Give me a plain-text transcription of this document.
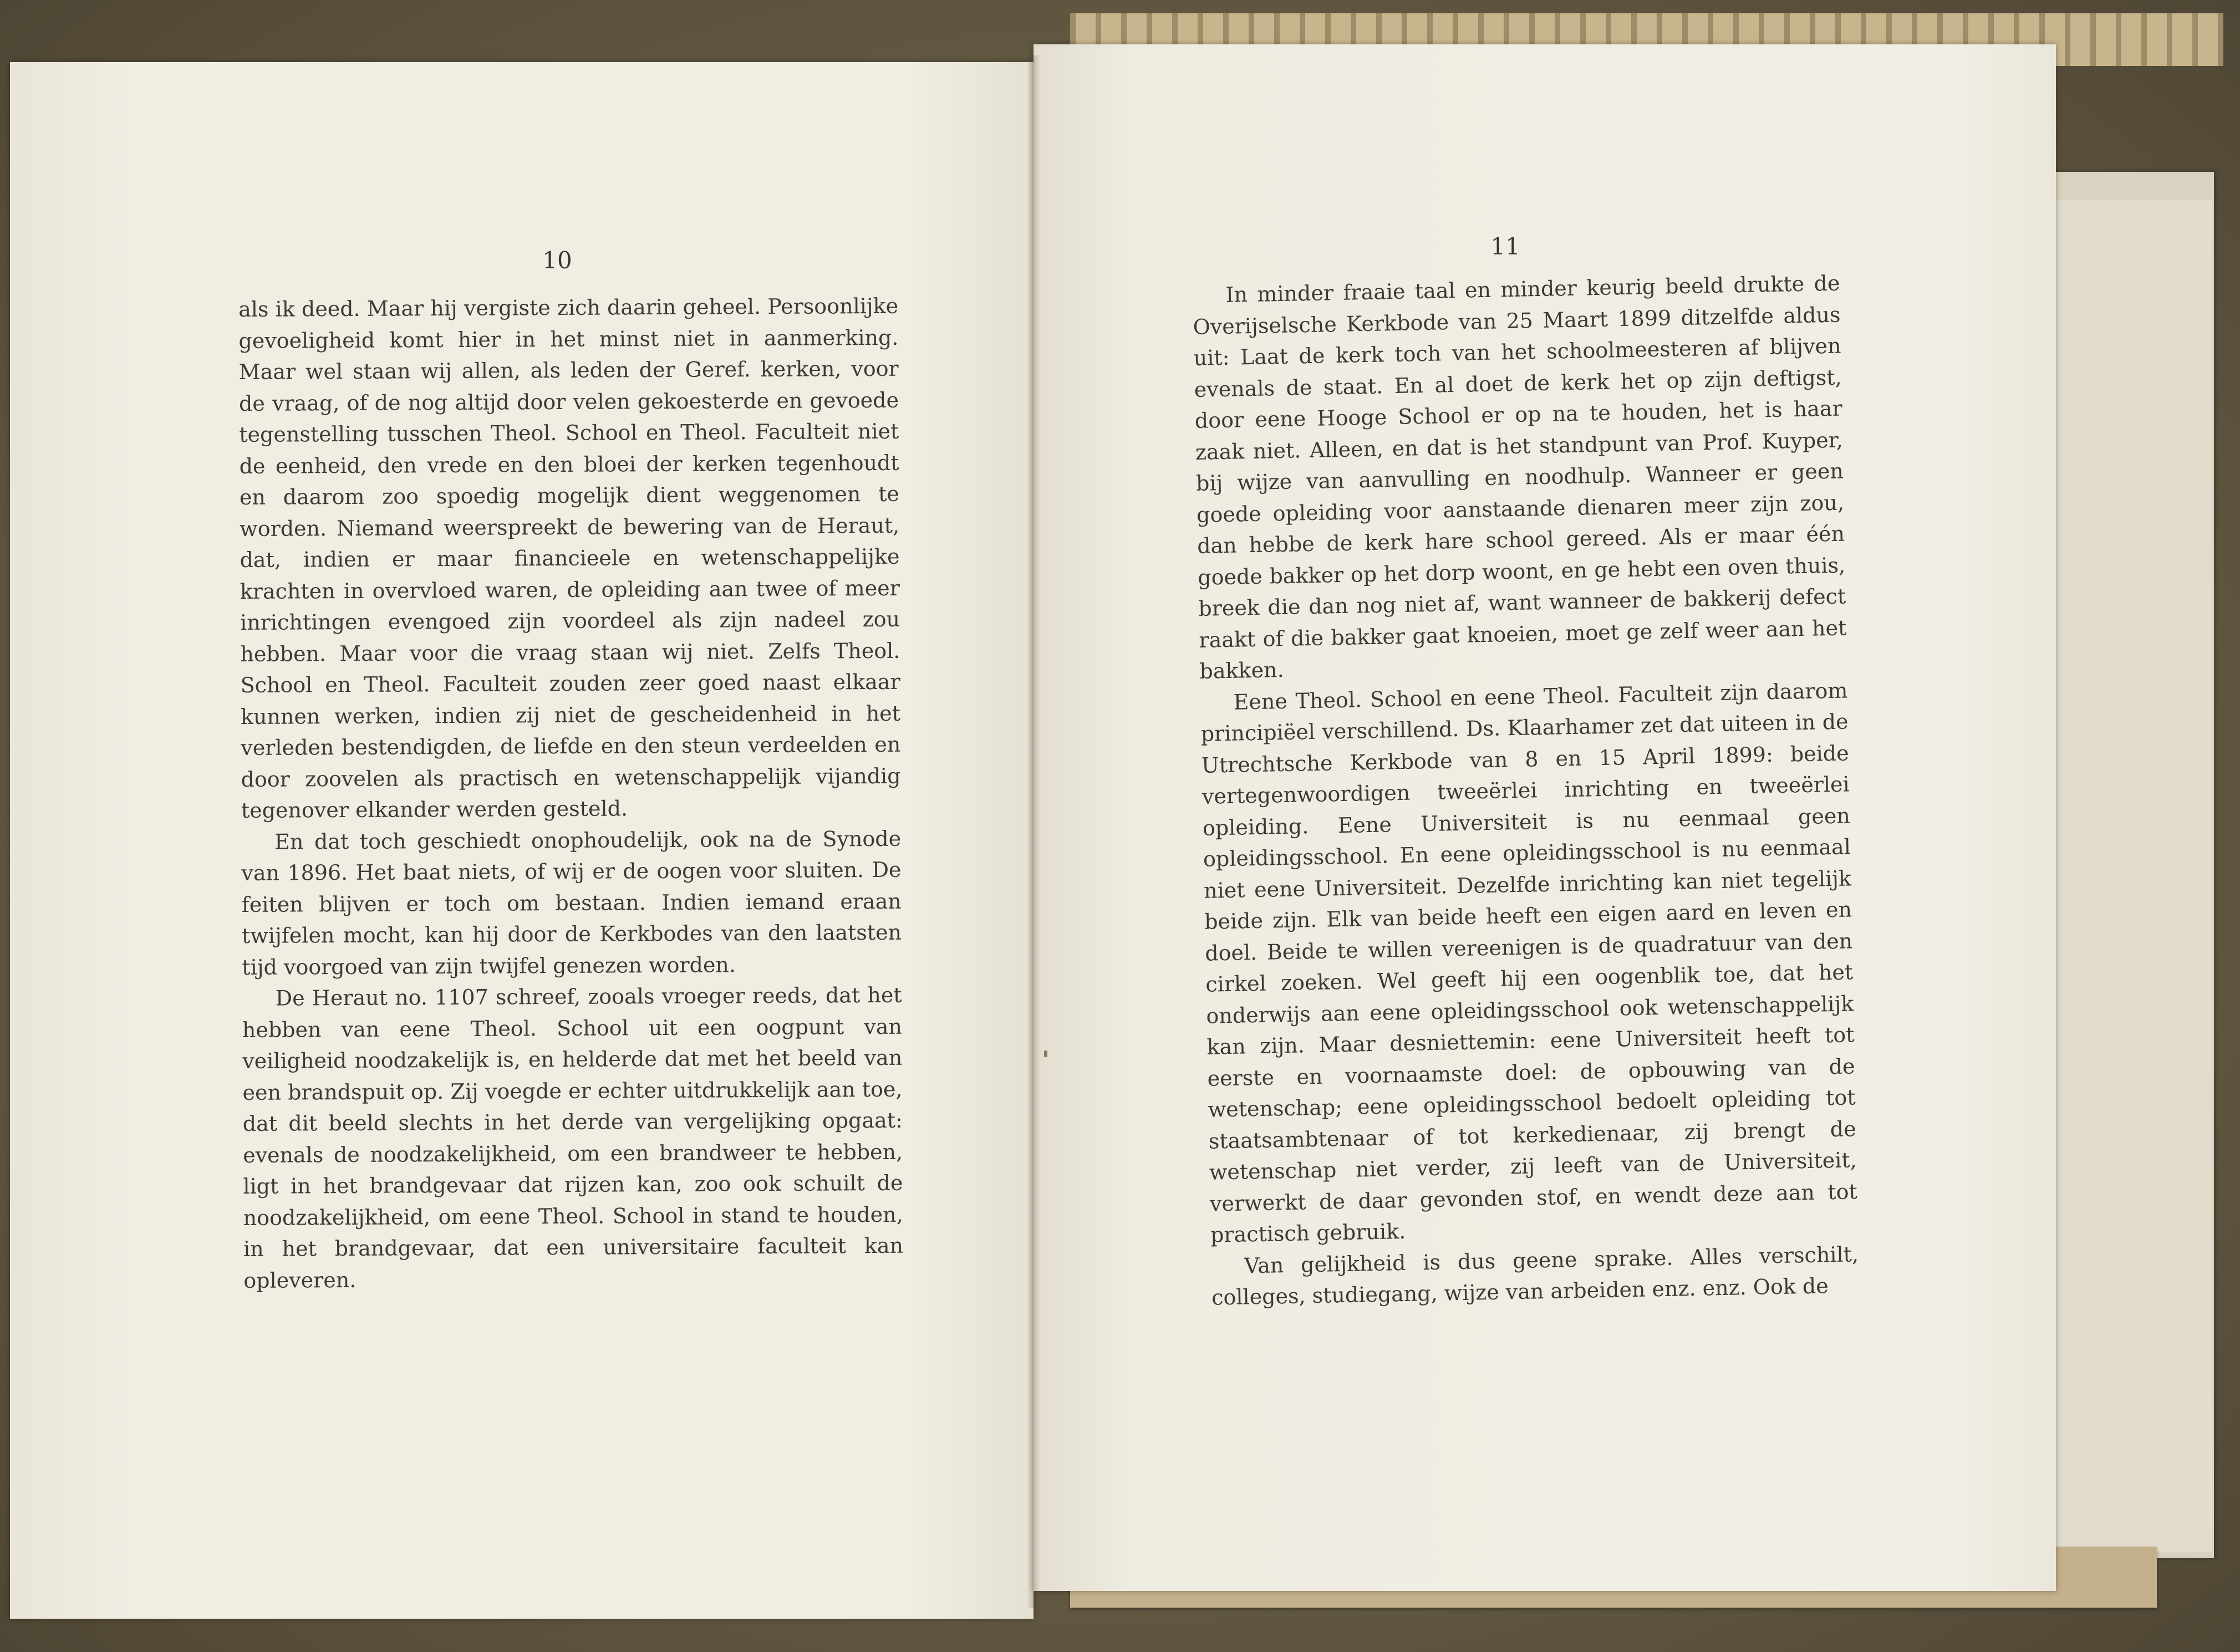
10
11

als ik deed. Maar hij vergiste zich daarin geheel. Persoonlijke gevoeligheid komt hier in het minst niet in aanmerking. Maar wel staan wij allen, als leden der Geref. kerken, voor de vraag, of de nog altijd door velen gekoesterde en gevoede tegenstelling tusschen Theol. School en Theol. Faculteit niet de eenheid, den vrede en den bloei der kerken tegenhoudt en daarom zoo spoedig mogelijk dient weggenomen te worden. Niemand weerspreekt de bewering van de Heraut, dat, indien er maar financieele en wetenschappelijke krachten in overvloed waren, de opleiding aan twee of meer inrichtingen evengoed zijn voordeel als zijn nadeel zou hebben. Maar voor die vraag staan wij niet. Zelfs Theol. School en Theol. Faculteit zouden zeer goed naast elkaar kunnen werken, indien zij niet de gescheidenheid in het verleden bestendigden, de liefde en den steun verdeelden en door zoovelen als practisch en wetenschappelijk vijandig tegenover elkander werden gesteld.

En dat toch geschiedt onophoudelijk, ook na de Synode van 1896. Het baat niets, of wij er de oogen voor sluiten. De feiten blijven er toch om bestaan. Indien iemand eraan twijfelen mocht, kan hij door de Kerkbodes van den laatsten tijd voorgoed van zijn twijfel genezen worden.

De Heraut no. 1107 schreef, zooals vroeger reeds, dat het hebben van eene Theol. School uit een oogpunt van veiligheid noodzakelijk is, en helderde dat met het beeld van een brandspuit op. Zij voegde er echter uitdrukkelijk aan toe, dat dit beeld slechts in het derde van vergelijking opgaat: evenals de noodzakelijkheid, om een brandweer te hebben, ligt in het brandgevaar dat rijzen kan, zoo ook schuilt de noodzakelijkheid, om eene Theol. School in stand te houden, in het brandgevaar, dat een universitaire faculteit kan opleveren.

In minder fraaie taal en minder keurig beeld drukte de Overijselsche Kerkbode van 25 Maart 1899 ditzelfde aldus uit: Laat de kerk toch van het schoolmeesteren af blijven evenals de staat. En al doet de kerk het op zijn deftigst, door eene Hooge School er op na te houden, het is haar zaak niet. Alleen, en dat is het standpunt van Prof. Kuyper, bij wijze van aanvulling en noodhulp. Wanneer er geen goede opleiding voor aanstaande dienaren meer zijn zou, dan hebbe de kerk hare school gereed. Als er maar één goede bakker op het dorp woont, en ge hebt een oven thuis, breek die dan nog niet af, want wanneer de bakkerij defect raakt of die bakker gaat knoeien, moet ge zelf weer aan het bakken.

Eene Theol. School en eene Theol. Faculteit zijn daarom principiëel verschillend. Ds. Klaarhamer zet dat uiteen in de Utrechtsche Kerkbode van 8 en 15 April 1899: beide vertegenwoordigen tweeërlei inrichting en tweeërlei opleiding. Eene Universiteit is nu eenmaal geen opleidingsschool. En eene opleidingsschool is nu eenmaal niet eene Universiteit. Dezelfde inrichting kan niet tegelijk beide zijn. Elk van beide heeft een eigen aard en leven en doel. Beide te willen vereenigen is de quadratuur van den cirkel zoeken. Wel geeft hij een oogenblik toe, dat het onderwijs aan eene opleidingsschool ook wetenschappelijk kan zijn. Maar desniettemin: eene Universiteit heeft tot eerste en voornaamste doel: de opbouwing van de wetenschap; eene opleidingsschool bedoelt opleiding tot staatsambtenaar of tot kerkedienaar, zij brengt de wetenschap niet verder, zij leeft van de Universiteit, verwerkt de daar gevonden stof, en wendt deze aan tot practisch gebruik.

Van gelijkheid is dus geene sprake. Alles verschilt, colleges, studiegang, wijze van arbeiden enz. enz. Ook de
